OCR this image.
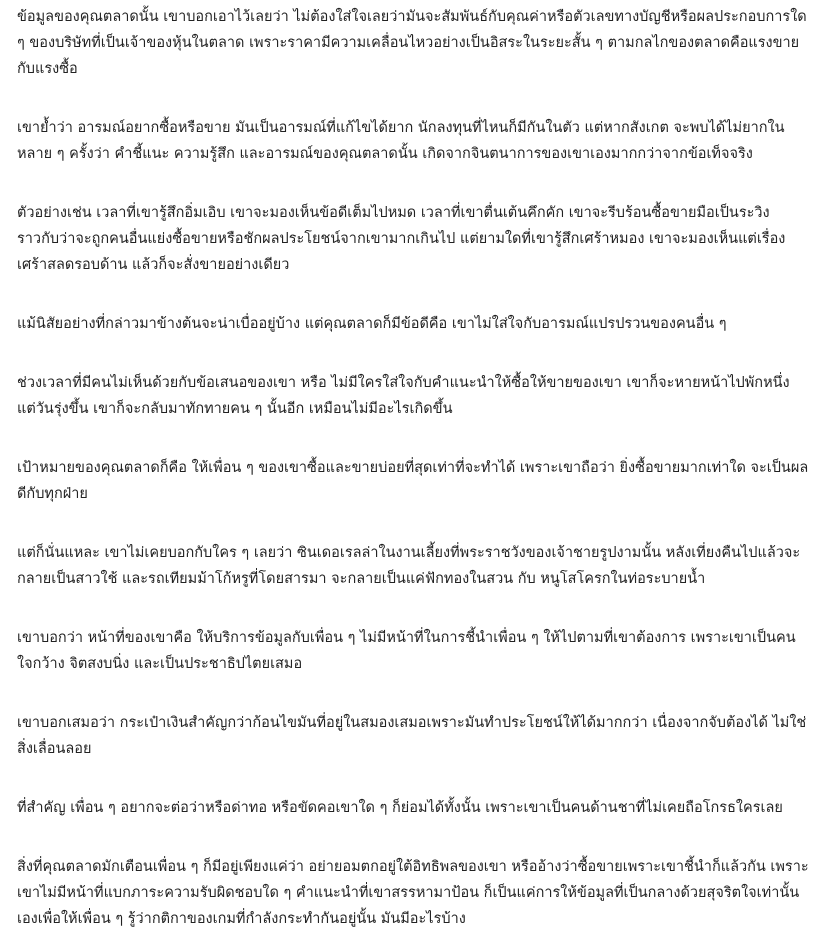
ข้อมูลของคุณตลาดนั้น เขาบอกเอาไว้เลยว่า ไม่ต้องใส่ใจเลยว่ามันจะสัมพันธ์กับคุณค่าหรือตัวเลขทางบัญชีหรือผลประกอบการใด ๆ ของบริษัทที่เป็นเจ้าของหุ้นในตลาด เพราะราคามีความเคลื่อนไหวอย่างเป็นอิสระในระยะสั้น ๆ ตามกลไกของตลาดคือแรงขายกับแรงซื้อ

เขาย้ำว่า อารมณ์อยากซื้อหรือขาย มันเป็นอารมณ์ที่แก้ไขได้ยาก นักลงทุนที่ไหนก็มีกันในตัว แต่หากสังเกต จะพบได้ไม่ยากในหลาย ๆ ครั้งว่า คำชี้แนะ ความรู้สึก และอารมณ์ของคุณตลาดนั้น เกิดจากจินตนาการของเขาเองมากกว่าจากข้อเท็จจริง

ตัวอย่างเช่น เวลาที่เขารู้สึกอิ่มเอิบ เขาจะมองเห็นข้อดีเต็มไปหมด เวลาที่เขาตื่นเต้นคึกคัก เขาจะรีบร้อนซื้อขายมือเป็นระวิง ราวกับว่าจะถูกคนอื่นแย่งซื้อขายหรือชักผลประโยชน์จากเขามากเกินไป แต่ยามใดที่เขารู้สึกเศร้าหมอง เขาจะมองเห็นแต่เรื่องเศร้าสลดรอบด้าน แล้วก็จะสั่งขายอย่างเดียว

แม้นิสัยอย่างที่กล่าวมาข้างต้นจะน่าเบื่ออยู่บ้าง แต่คุณตลาดก็มีข้อดีคือ เขาไม่ใส่ใจกับอารมณ์แปรปรวนของคนอื่น ๆ

ช่วงเวลาที่มีคนไม่เห็นด้วยกับข้อเสนอของเขา หรือ ไม่มีใครใส่ใจกับคำแนะนำให้ซื้อให้ขายของเขา เขาก็จะหายหน้าไปพักหนึ่ง แต่วันรุ่งขึ้น เขาก็จะกลับมาทักทายคน ๆ นั้นอีก เหมือนไม่มีอะไรเกิดขึ้น

เป้าหมายของคุณตลาดก็คือ ให้เพื่อน ๆ ของเขาซื้อและขายบ่อยที่สุดเท่าที่จะทำได้ เพราะเขาถือว่า ยิ่งซื้อขายมากเท่าใด จะเป็นผลดีกับทุกฝ่าย

แต่ก็นั่นแหละ เขาไม่เคยบอกกับใคร ๆ เลยว่า ซินเดอเรลล่าในงานเลี้ยงที่พระราชวังของเจ้าชายรูปงามนั้น หลังเที่ยงคืนไปแล้วจะกลายเป็นสาวใช้ และรถเทียมม้าโก้หรูที่โดยสารมา จะกลายเป็นแค่ฟักทองในสวน กับ หนูโสโครกในท่อระบายน้ำ

เขาบอกว่า หน้าที่ของเขาคือ ให้บริการข้อมูลกับเพื่อน ๆ ไม่มีหน้าที่ในการชี้นำเพื่อน ๆ ให้ไปตามที่เขาต้องการ เพราะเขาเป็นคนใจกว้าง จิตสงบนิ่ง และเป็นประชาธิปไตยเสมอ

เขาบอกเสมอว่า กระเป๋าเงินสำคัญกว่าก้อนไขมันที่อยู่ในสมองเสมอเพราะมันทำประโยชน์ให้ได้มากกว่า เนื่องจากจับต้องได้ ไม่ใช่สิ่งเลื่อนลอย

ที่สำคัญ เพื่อน ๆ อยากจะต่อว่าหรือด่าทอ หรือขัดคอเขาใด ๆ ก็ย่อมได้ทั้งนั้น เพราะเขาเป็นคนด้านชาที่ไม่เคยถือโกรธใครเลย

สิ่งที่คุณตลาดมักเตือนเพื่อน ๆ ก็มีอยู่เพียงแค่ว่า อย่ายอมตกอยู่ใต้อิทธิพลของเขา หรืออ้างว่าซื้อขายเพราะเขาชี้นำก็แล้วกัน เพราะเขาไม่มีหน้าที่แบกภาระความรับผิดชอบใด ๆ คำแนะนำที่เขาสรรหามาป้อน ก็เป็นแค่การให้ข้อมูลที่เป็นกลางด้วยสุจริตใจเท่านั้นเองเพื่อให้เพื่อน ๆ รู้ว่ากติกาของเกมที่กำลังกระทำกันอยู่นั้น มันมีอะไรบ้าง
